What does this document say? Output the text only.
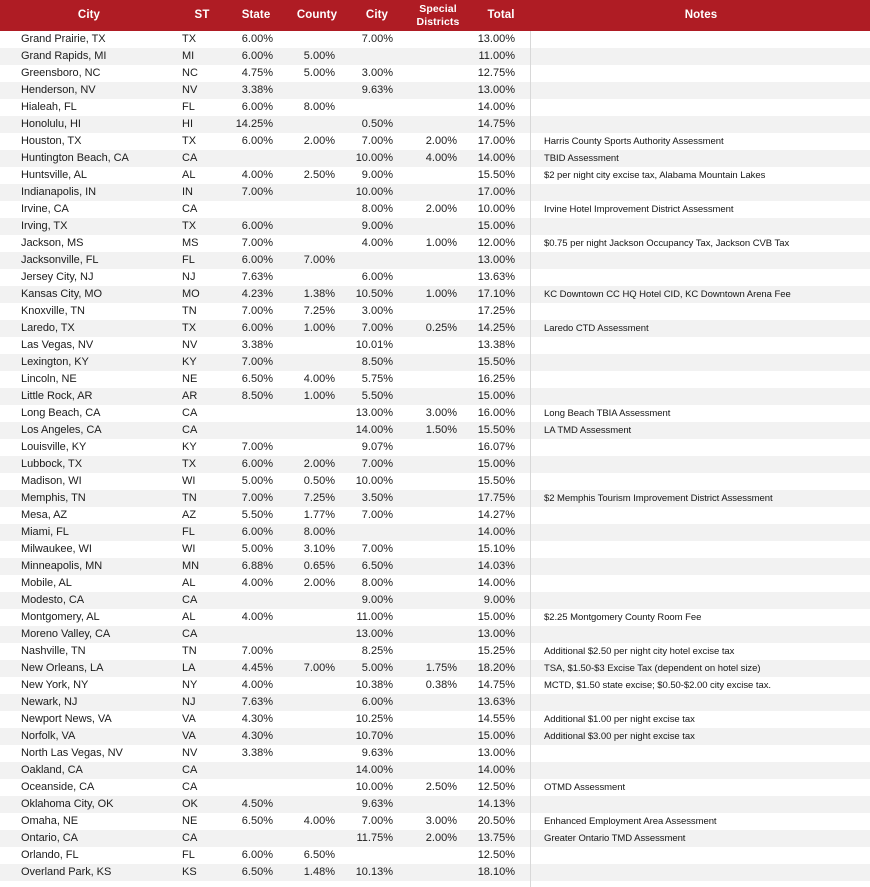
City	ST	State	County	City	Special
Districts	Total	Notes
Grand Prairie, TX	TX	6.00%		7.00%		13.00%	
Grand Rapids, MI	MI	6.00%	5.00%			11.00%	
Greensboro, NC	NC	4.75%	5.00%	3.00%		12.75%	
Henderson, NV	NV	3.38%		9.63%		13.00%	
Hialeah, FL	FL	6.00%	8.00%			14.00%	
Honolulu, HI	HI	14.25%		0.50%		14.75%	
Houston, TX	TX	6.00%	2.00%	7.00%	2.00%	17.00%	Harris County Sports Authority Assessment
Huntington Beach, CA	CA			10.00%	4.00%	14.00%	TBID Assessment
Huntsville, AL	AL	4.00%	2.50%	9.00%		15.50%	$2 per night city excise tax, Alabama Mountain Lakes
Indianapolis, IN	IN	7.00%		10.00%		17.00%	
Irvine, CA	CA			8.00%	2.00%	10.00%	Irvine Hotel Improvement District Assessment
Irving, TX	TX	6.00%		9.00%		15.00%	
Jackson, MS	MS	7.00%		4.00%	1.00%	12.00%	$0.75 per night Jackson Occupancy Tax, Jackson CVB Tax
Jacksonville, FL	FL	6.00%	7.00%			13.00%	
Jersey City, NJ	NJ	7.63%		6.00%		13.63%	
Kansas City, MO	MO	4.23%	1.38%	10.50%	1.00%	17.10%	KC Downtown CC HQ Hotel CID, KC Downtown Arena Fee
Knoxville, TN	TN	7.00%	7.25%	3.00%		17.25%	
Laredo, TX	TX	6.00%	1.00%	7.00%	0.25%	14.25%	Laredo CTD Assessment
Las Vegas, NV	NV	3.38%		10.01%		13.38%	
Lexington, KY	KY	7.00%		8.50%		15.50%	
Lincoln, NE	NE	6.50%	4.00%	5.75%		16.25%	
Little Rock, AR	AR	8.50%	1.00%	5.50%		15.00%	
Long Beach, CA	CA			13.00%	3.00%	16.00%	Long Beach TBIA Assessment
Los Angeles, CA	CA			14.00%	1.50%	15.50%	LA TMD Assessment
Louisville, KY	KY	7.00%		9.07%		16.07%	
Lubbock, TX	TX	6.00%	2.00%	7.00%		15.00%	
Madison, WI	WI	5.00%	0.50%	10.00%		15.50%	
Memphis, TN	TN	7.00%	7.25%	3.50%		17.75%	$2 Memphis Tourism Improvement District Assessment
Mesa, AZ	AZ	5.50%	1.77%	7.00%		14.27%	
Miami, FL	FL	6.00%	8.00%			14.00%	
Milwaukee, WI	WI	5.00%	3.10%	7.00%		15.10%	
Minneapolis, MN	MN	6.88%	0.65%	6.50%		14.03%	
Mobile, AL	AL	4.00%	2.00%	8.00%		14.00%	
Modesto, CA	CA			9.00%		9.00%	
Montgomery, AL	AL	4.00%		11.00%		15.00%	$2.25 Montgomery County Room Fee
Moreno Valley, CA	CA			13.00%		13.00%	
Nashville, TN	TN	7.00%		8.25%		15.25%	Additional $2.50 per night city hotel excise tax
New Orleans, LA	LA	4.45%	7.00%	5.00%	1.75%	18.20%	TSA, $1.50-$3 Excise Tax (dependent on hotel size)
New York, NY	NY	4.00%		10.38%	0.38%	14.75%	MCTD, $1.50 state excise; $0.50-$2.00 city excise tax.
Newark, NJ	NJ	7.63%		6.00%		13.63%	
Newport News, VA	VA	4.30%		10.25%		14.55%	Additional $1.00 per night excise tax
Norfolk, VA	VA	4.30%		10.70%		15.00%	Additional $3.00 per night excise tax
North Las Vegas, NV	NV	3.38%		9.63%		13.00%	
Oakland, CA	CA			14.00%		14.00%	
Oceanside, CA	CA			10.00%	2.50%	12.50%	OTMD Assessment
Oklahoma City, OK	OK	4.50%		9.63%		14.13%	
Omaha, NE	NE	6.50%	4.00%	7.00%	3.00%	20.50%	Enhanced Employment Area Assessment
Ontario, CA	CA			11.75%	2.00%	13.75%	Greater Ontario TMD Assessment
Orlando, FL	FL	6.00%	6.50%			12.50%	
Overland Park, KS	KS	6.50%	1.48%	10.13%		18.10%	
